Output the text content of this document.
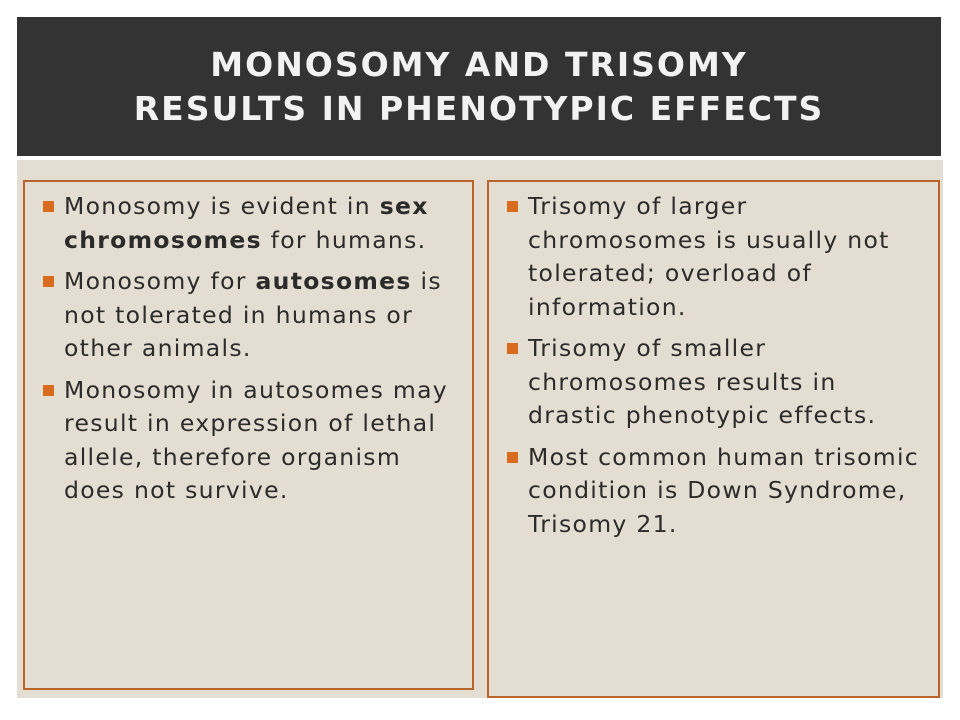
MONOSOMY AND TRISOMY
RESULTS IN PHENOTYPIC EFFECTS
Monosomy is evident in sex chromosomes for humans.
Monosomy for autosomes is not tolerated in humans or other animals.
Monosomy in autosomes may result in expression of lethal allele, therefore organism does not survive.
Trisomy of larger chromosomes is usually not tolerated; overload of information.
Trisomy of smaller chromosomes results in drastic phenotypic effects.
Most common human trisomic condition is Down Syndrome, Trisomy 21.
